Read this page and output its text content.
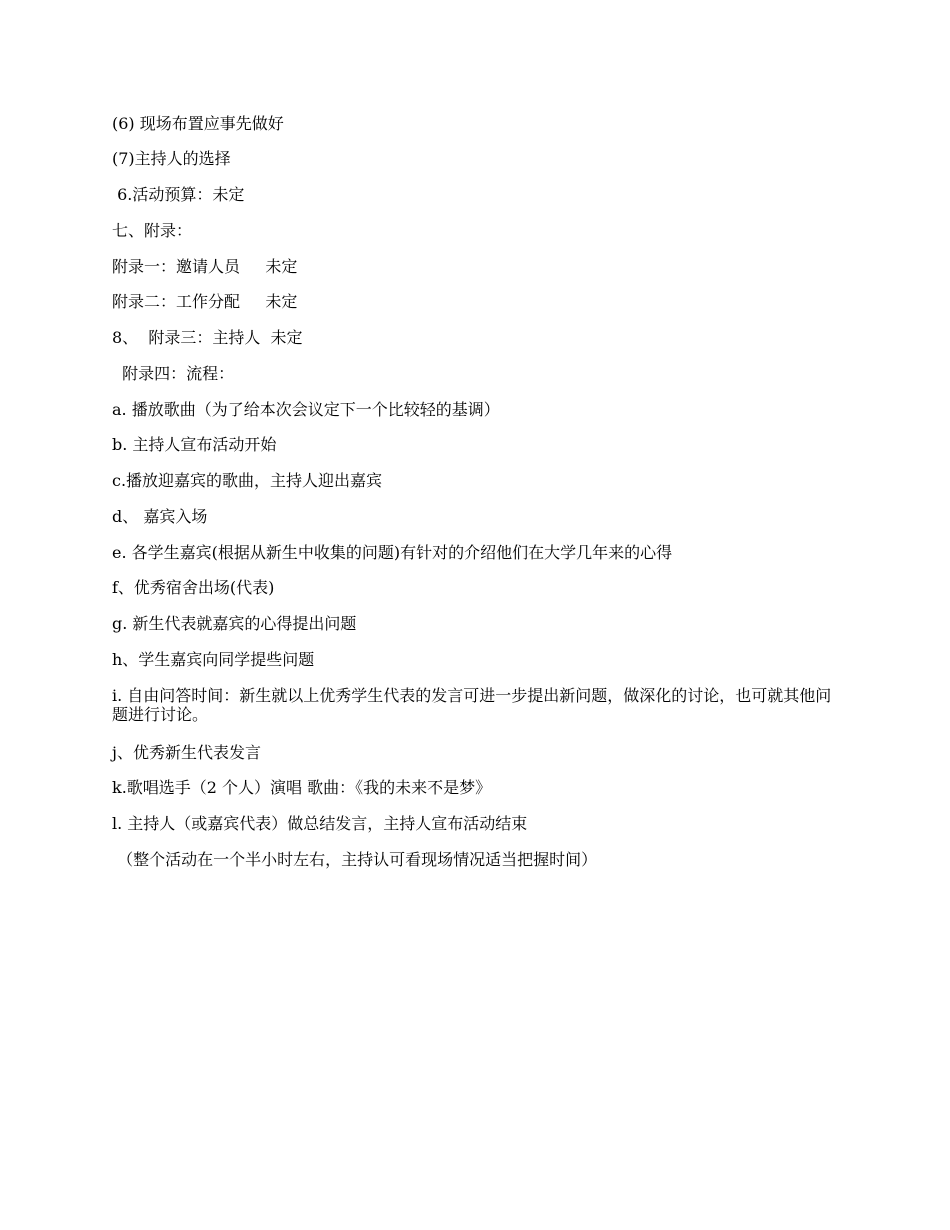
(6) 现场布置应事先做好

(7)主持人的选择

6.活动预算：未定

七、附录：

附录一：邀请人员     未定

附录二：工作分配     未定

8、  附录三：主持人  未定

附录四：流程：

a. 播放歌曲（为了给本次会议定下一个比较轻的基调）

b. 主持人宣布活动开始

c.播放迎嘉宾的歌曲，主持人迎出嘉宾

d、 嘉宾入场

e. 各学生嘉宾(根据从新生中收集的问题)有针对的介绍他们在大学几年来的心得

f、优秀宿舍出场(代表)

g. 新生代表就嘉宾的心得提出问题

h、学生嘉宾向同学提些问题

i. 自由问答时间：新生就以上优秀学生代表的发言可进一步提出新问题，做深化的讨论，也可就其他问题进行讨论。

j、优秀新生代表发言

k.歌唱选手（2 个人）演唱 歌曲：《我的未来不是梦》

l. 主持人（或嘉宾代表）做总结发言，主持人宣布活动结束

（整个活动在一个半小时左右，主持认可看现场情况适当把握时间）
